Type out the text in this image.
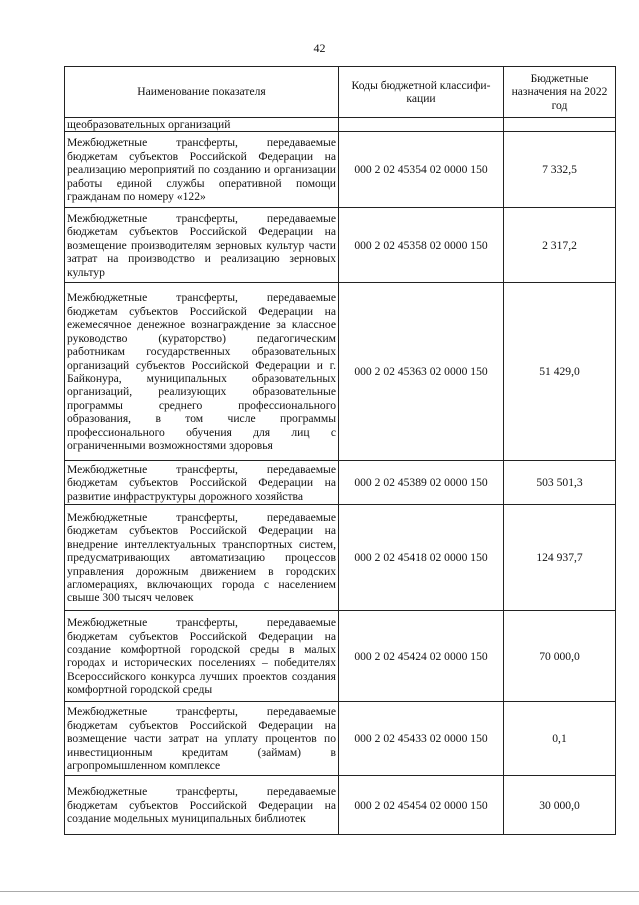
42
Наименование показателя	Коды бюджетной классифи-кации	Бюджетные назначения на 2022 год
щеобразовательных организаций		
Межбюджетные трансферты, передаваемые бюджетам субъектов Российской Федерации на реализацию мероприятий по созданию и организации работы единой службы оперативной помощи гражданам по номеру «122»	000 2 02 45354 02 0000 150	7 332,5
Межбюджетные трансферты, передаваемые бюджетам субъектов Российской Федерации на возмещение производителям зерновых культур части затрат на производство и реализацию зерновых культур	000 2 02 45358 02 0000 150	2 317,2
Межбюджетные трансферты, передаваемые бюджетам субъектов Российской Федерации на ежемесячное денежное вознаграждение за классное руководство (кураторство) педагогическим работникам государственных образовательных организаций субъектов Российской Федерации и г. Байконура, муниципальных образовательных организаций, реализующих образовательные программы среднего профессионального образования, в том числе программы профессионального обучения для лиц с ограниченными возможностями здоровья	000 2 02 45363 02 0000 150	51 429,0
Межбюджетные трансферты, передаваемые бюджетам субъектов Российской Федерации на развитие инфраструктуры дорожного хозяйства	000 2 02 45389 02 0000 150	503 501,3
Межбюджетные трансферты, передаваемые бюджетам субъектов Российской Федерации на внедрение интеллектуальных транспортных систем, предусматривающих автоматизацию процессов управления дорожным движением в городских агломерациях, включающих города с населением свыше 300 тысяч человек	000 2 02 45418 02 0000 150	124 937,7
Межбюджетные трансферты, передаваемые бюджетам субъектов Российской Федерации на создание комфортной городской среды в малых городах и исторических поселениях – победителях Всероссийского конкурса лучших проектов создания комфортной городской среды	000 2 02 45424 02 0000 150	70 000,0
Межбюджетные трансферты, передаваемые бюджетам субъектов Российской Федерации на возмещение части затрат на уплату процентов по инвестиционным кредитам (займам) в агропромышленном комплексе	000 2 02 45433 02 0000 150	0,1
Межбюджетные трансферты, передаваемые бюджетам субъектов Российской Федерации на создание модельных муниципальных библиотек	000 2 02 45454 02 0000 150	30 000,0
